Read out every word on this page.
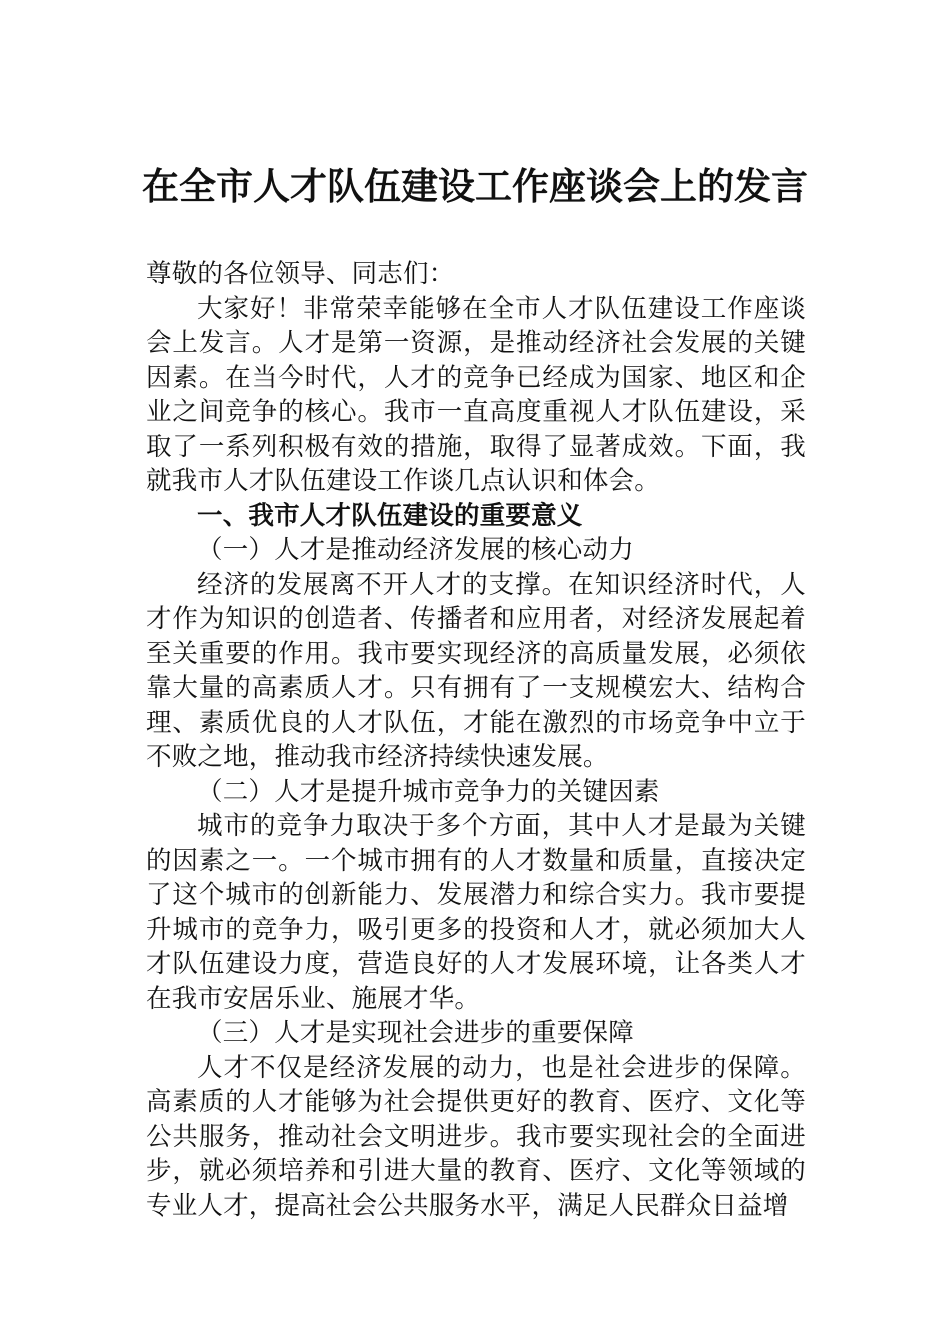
在全市人才队伍建设工作座谈会上的发言

尊敬的各位领导、同志们：

大家好！非常荣幸能够在全市人才队伍建设工作座谈会上发言。人才是第一资源，是推动经济社会发展的关键因素。在当今时代，人才的竞争已经成为国家、地区和企业之间竞争的核心。我市一直高度重视人才队伍建设，采取了一系列积极有效的措施，取得了显著成效。下面，我就我市人才队伍建设工作谈几点认识和体会。

一、我市人才队伍建设的重要意义

（一）人才是推动经济发展的核心动力

经济的发展离不开人才的支撑。在知识经济时代，人才作为知识的创造者、传播者和应用者，对经济发展起着至关重要的作用。我市要实现经济的高质量发展，必须依靠大量的高素质人才。只有拥有了一支规模宏大、结构合理、素质优良的人才队伍，才能在激烈的市场竞争中立于不败之地，推动我市经济持续快速发展。

（二）人才是提升城市竞争力的关键因素

城市的竞争力取决于多个方面，其中人才是最为关键的因素之一。一个城市拥有的人才数量和质量，直接决定了这个城市的创新能力、发展潜力和综合实力。我市要提升城市的竞争力，吸引更多的投资和人才，就必须加大人才队伍建设力度，营造良好的人才发展环境，让各类人才在我市安居乐业、施展才华。

（三）人才是实现社会进步的重要保障

人才不仅是经济发展的动力，也是社会进步的保障。高素质的人才能够为社会提供更好的教育、医疗、文化等公共服务，推动社会文明进步。我市要实现社会的全面进步，就必须培养和引进大量的教育、医疗、文化等领域的专业人才，提高社会公共服务水平，满足人民群众日益增
